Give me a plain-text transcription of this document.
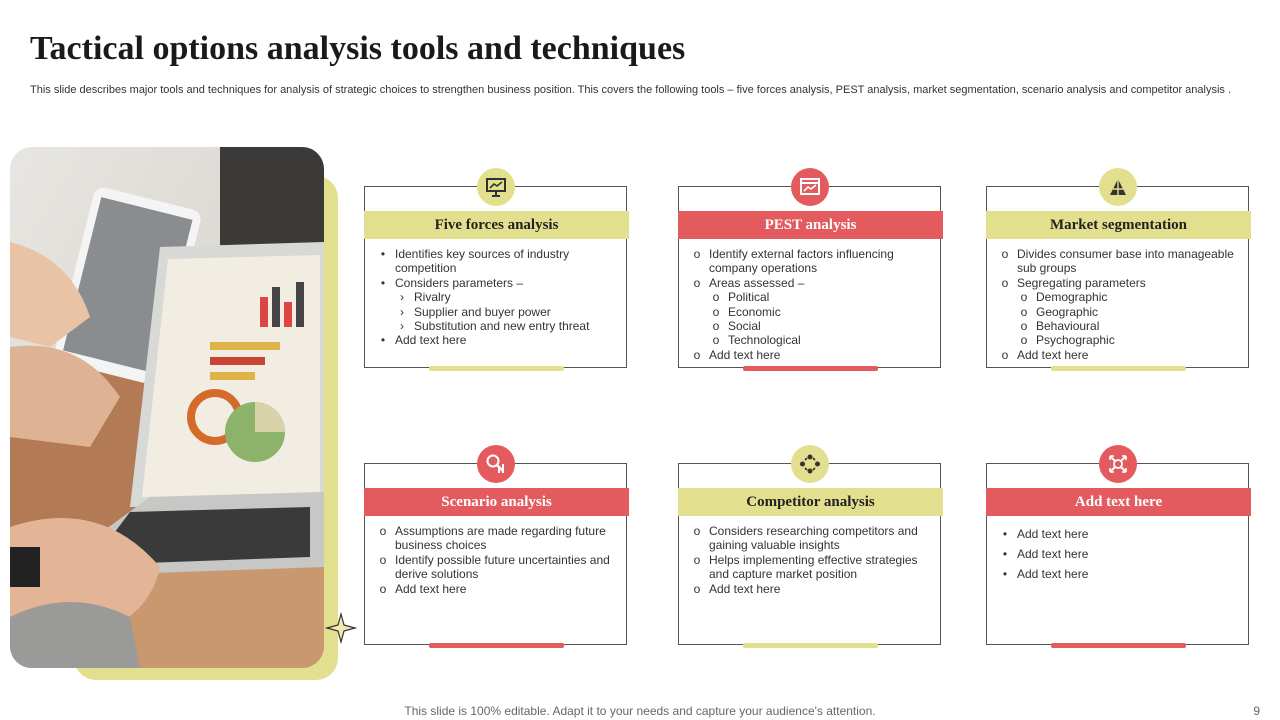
Tactical options analysis tools and techniques
This slide describes major tools and techniques for analysis of strategic choices to strengthen business position. This covers the following tools – five forces analysis, PEST analysis, market segmentation, scenario analysis and competitor analysis .
Five forces analysis
• Identifies key sources of industry competition
• Considers parameters –
› Rivalry
› Supplier and buyer power
› Substitution and new entry threat
• Add text here
PEST analysis
o Identify external factors influencing company operations
o Areas assessed –
o Political
o Economic
o Social
o Technological
o Add text here
Market segmentation
o Divides consumer base into manageable sub groups
o Segregating parameters
o Demographic
o Geographic
o Behavioural
o Psychographic
o Add text here
Scenario analysis
o Assumptions are made regarding future business choices
o Identify possible future uncertainties and derive solutions
o Add text here
Competitor analysis
o Considers researching competitors and gaining valuable insights
o Helps implementing effective strategies and capture market position
o Add text here
Add text here
• Add text here
• Add text here
• Add text here
This slide is 100% editable. Adapt it to your needs and capture your audience's attention.	9
